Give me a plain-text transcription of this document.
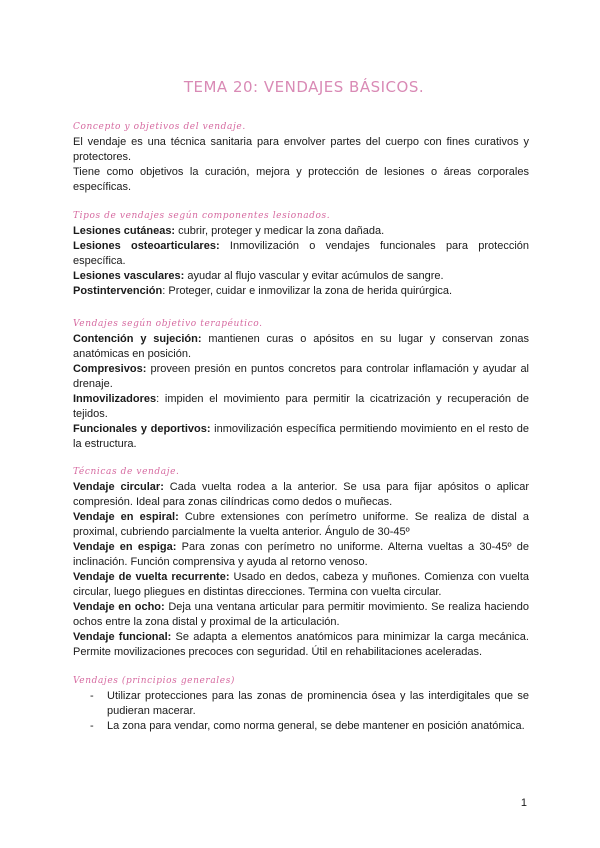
TEMA 20: VENDAJES BÁSICOS.
Concepto y objetivos del vendaje.

El vendaje es una técnica sanitaria para envolver partes del cuerpo con fines curativos y protectores.

Tiene como objetivos la curación, mejora y protección de lesiones o áreas corporales específicas.

Tipos de vendajes según componentes lesionados.

Lesiones cutáneas: cubrir, proteger y medicar la zona dañada.

Lesiones osteoarticulares: Inmovilización o vendajes funcionales para protección específica.

Lesiones vasculares: ayudar al flujo vascular y evitar acúmulos de sangre.

Postintervención: Proteger, cuidar e inmovilizar la zona de herida quirúrgica.

Vendajes según objetivo terapéutico.

Contención y sujeción: mantienen curas o apósitos en su lugar y conservan zonas anatómicas en posición.

Compresivos: proveen presión en puntos concretos para controlar inflamación y ayudar al drenaje.

Inmovilizadores: impiden el movimiento para permitir la cicatrización y recuperación de tejidos.

Funcionales y deportivos: inmovilización específica permitiendo movimiento en el resto de la estructura.

Técnicas de vendaje.

Vendaje circular: Cada vuelta rodea a la anterior. Se usa para fijar apósitos o aplicar compresión. Ideal para zonas cilíndricas como dedos o muñecas.

Vendaje en espiral: Cubre extensiones con perímetro uniforme. Se realiza de distal a proximal, cubriendo parcialmente la vuelta anterior. Ángulo de 30-45º

Vendaje en espiga: Para zonas con perímetro no uniforme. Alterna vueltas a 30-45º de inclinación. Función comprensiva y ayuda al retorno venoso.

Vendaje de vuelta recurrente: Usado en dedos, cabeza y muñones. Comienza con vuelta circular, luego pliegues en distintas direcciones. Termina con vuelta circular.

Vendaje en ocho: Deja una ventana articular para permitir movimiento. Se realiza haciendo ochos entre la zona distal y proximal de la articulación.

Vendaje funcional: Se adapta a elementos anatómicos para minimizar la carga mecánica. Permite movilizaciones precoces con seguridad. Útil en rehabilitaciones aceleradas.

Vendajes (principios generales)
- Utilizar protecciones para las zonas de prominencia ósea y las interdigitales que se pudieran macerar.
- La zona para vendar, como norma general, se debe mantener en posición anatómica.
1
